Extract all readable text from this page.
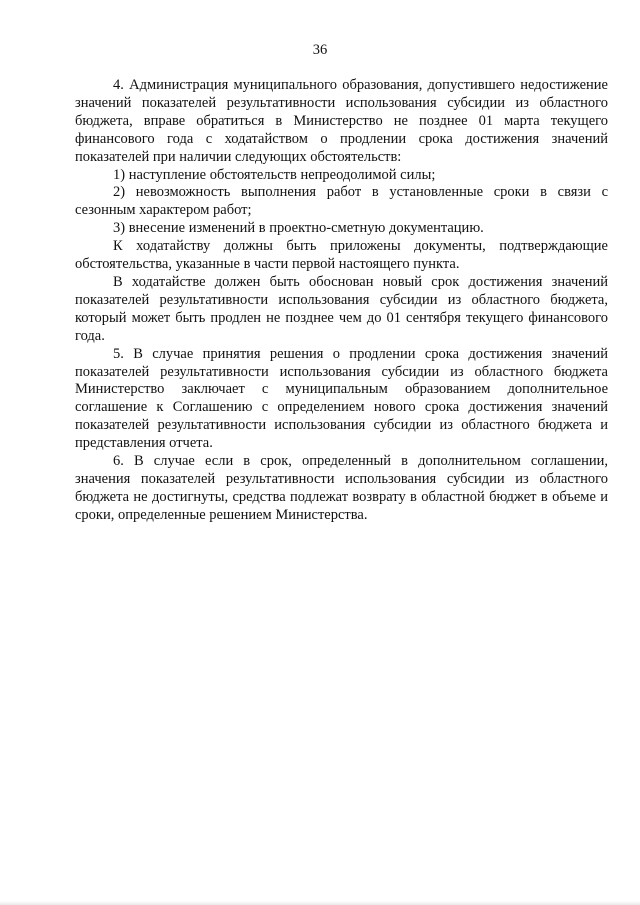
36

4. Администрация муниципального образования, допустившего недостижение значений показателей результативности использования субсидии из областного бюджета, вправе обратиться в Министерство не позднее 01 марта текущего финансового года с ходатайством о продлении срока достижения значений показателей при наличии следующих обстоятельств:

1) наступление обстоятельств непреодолимой силы;

2) невозможность выполнения работ в установленные сроки в связи с сезонным характером работ;

3) внесение изменений в проектно-сметную документацию.

К ходатайству должны быть приложены документы, подтверждающие обстоятельства, указанные в части первой настоящего пункта.

В ходатайстве должен быть обоснован новый срок достижения значений показателей результативности использования субсидии из областного бюджета, который может быть продлен не позднее чем до 01 сентября текущего финансового года.

5. В случае принятия решения о продлении срока достижения значений показателей результативности использования субсидии из областного бюджета Министерство заключает с муниципальным образованием дополнительное соглашение к Соглашению с определением нового срока достижения значений показателей результативности использования субсидии из областного бюджета и представления отчета.

6. В случае если в срок, определенный в дополнительном соглашении, значения показателей результативности использования субсидии из областного бюджета не достигнуты, средства подлежат возврату в областной бюджет в объеме и сроки, определенные решением Министерства.
